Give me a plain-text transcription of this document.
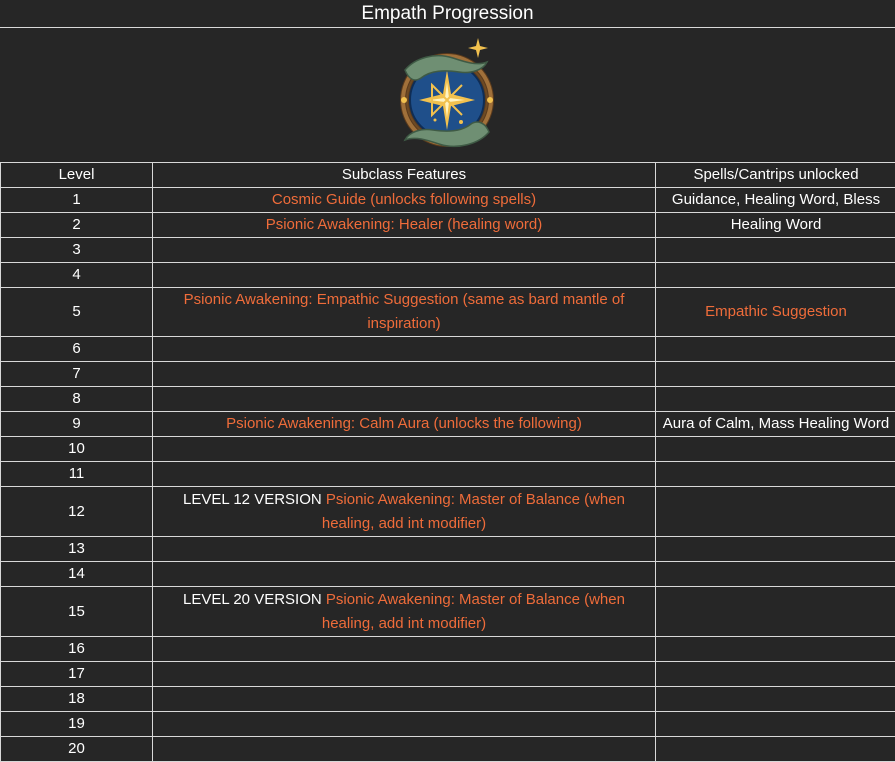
Empath Progression
Level	Subclass Features	Spells/Cantrips unlocked
1	Cosmic Guide (unlocks following spells)	Guidance, Healing Word, Bless
2	Psionic Awakening: Healer (healing word)	Healing Word
3		
4		
5	Psionic Awakening: Empathic Suggestion (same as bard mantle of inspiration)	Empathic Suggestion
6		
7		
8		
9	Psionic Awakening: Calm Aura (unlocks the following)	Aura of Calm, Mass Healing Word
10		
11		
12	LEVEL 12 VERSION Psionic Awakening: Master of Balance (when healing, add int modifier)	
13		
14		
15	LEVEL 20 VERSION Psionic Awakening: Master of Balance (when healing, add int modifier)	
16		
17		
18		
19		
20		
